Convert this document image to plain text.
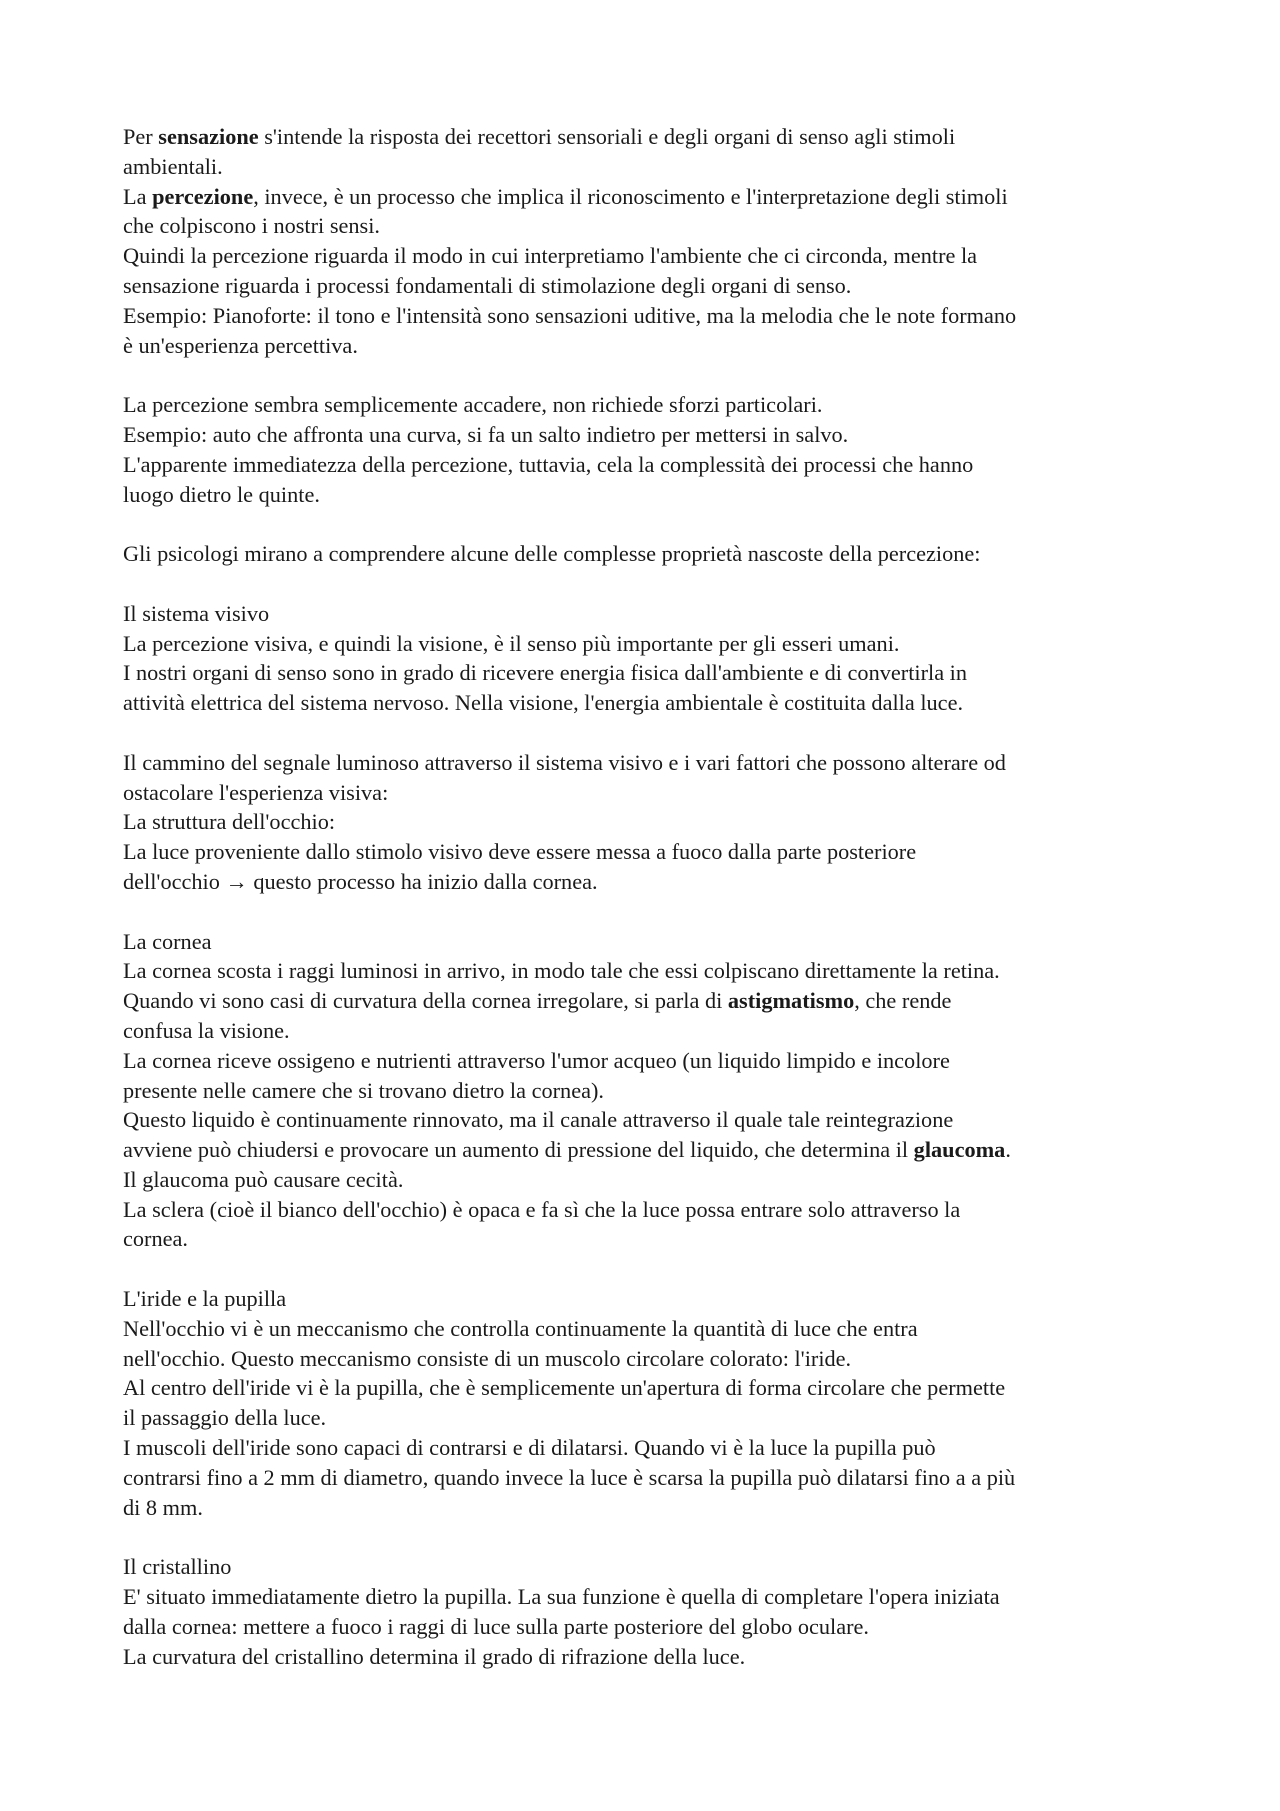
Per sensazione s'intende la risposta dei recettori sensoriali e degli organi di senso agli stimoli
ambientali.
La percezione, invece, è un processo che implica il riconoscimento e l'interpretazione degli stimoli
che colpiscono i nostri sensi.
Quindi la percezione riguarda il modo in cui interpretiamo l'ambiente che ci circonda, mentre la
sensazione riguarda i processi fondamentali di stimolazione degli organi di senso.
Esempio: Pianoforte: il tono e l'intensità sono sensazioni uditive, ma la melodia che le note formano
è un'esperienza percettiva.
La percezione sembra semplicemente accadere, non richiede sforzi particolari.
Esempio: auto che affronta una curva, si fa un salto indietro per mettersi in salvo.
L'apparente immediatezza della percezione, tuttavia, cela la complessità dei processi che hanno
luogo dietro le quinte.
Gli psicologi mirano a comprendere alcune delle complesse proprietà nascoste della percezione:
Il sistema visivo
La percezione visiva, e quindi la visione, è il senso più importante per gli esseri umani.
I nostri organi di senso sono in grado di ricevere energia fisica dall'ambiente e di convertirla in
attività elettrica del sistema nervoso. Nella visione, l'energia ambientale è costituita dalla luce.
Il cammino del segnale luminoso attraverso il sistema visivo e i vari fattori che possono alterare od
ostacolare l'esperienza visiva:
La struttura dell'occhio:
La luce proveniente dallo stimolo visivo deve essere messa a fuoco dalla parte posteriore
dell'occhio → questo processo ha inizio dalla cornea.
La cornea
La cornea scosta i raggi luminosi in arrivo, in modo tale che essi colpiscano direttamente la retina.
Quando vi sono casi di curvatura della cornea irregolare, si parla di astigmatismo, che rende
confusa la visione.
La cornea riceve ossigeno e nutrienti attraverso l'umor acqueo (un liquido limpido e incolore
presente nelle camere che si trovano dietro la cornea).
Questo liquido è continuamente rinnovato, ma il canale attraverso il quale tale reintegrazione
avviene può chiudersi e provocare un aumento di pressione del liquido, che determina il glaucoma.
Il glaucoma può causare cecità.
La sclera (cioè il bianco dell'occhio) è opaca e fa sì che la luce possa entrare solo attraverso la
cornea.
L'iride e la pupilla
Nell'occhio vi è un meccanismo che controlla continuamente la quantità di luce che entra
nell'occhio. Questo meccanismo consiste di un muscolo circolare colorato: l'iride.
Al centro dell'iride vi è la pupilla, che è semplicemente un'apertura di forma circolare che permette
il passaggio della luce.
I muscoli dell'iride sono capaci di contrarsi e di dilatarsi. Quando vi è la luce la pupilla può
contrarsi fino a 2 mm di diametro, quando invece la luce è scarsa la pupilla può dilatarsi fino a a più
di 8 mm.
Il cristallino
E' situato immediatamente dietro la pupilla. La sua funzione è quella di completare l'opera iniziata
dalla cornea: mettere a fuoco i raggi di luce sulla parte posteriore del globo oculare.
La curvatura del cristallino determina il grado di rifrazione della luce.
